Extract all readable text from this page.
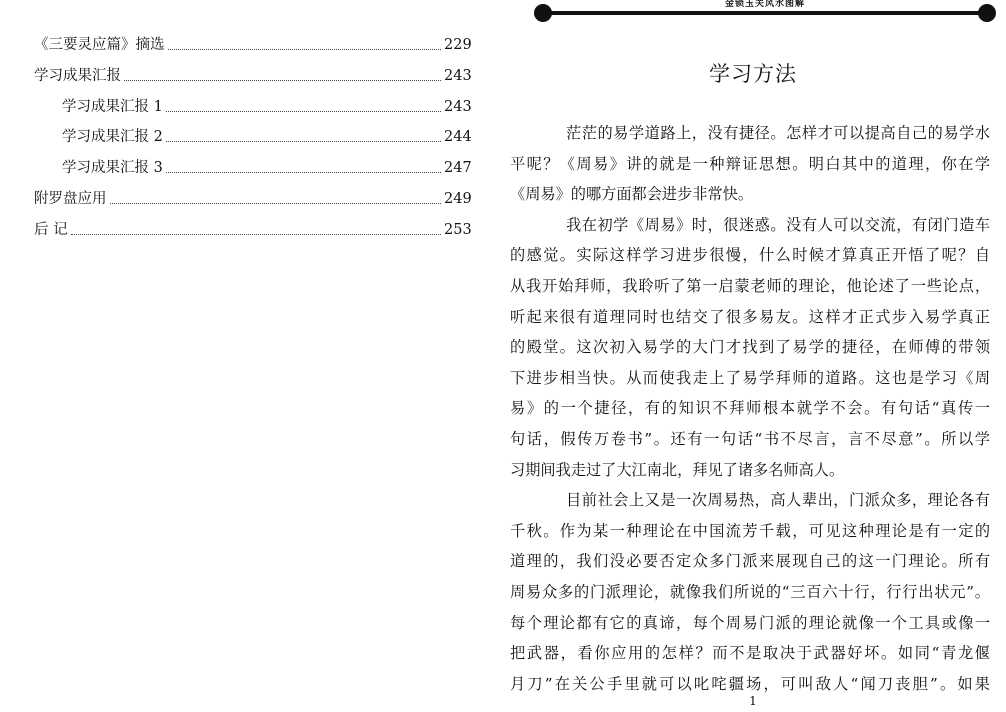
《三要灵应篇》摘选	229
学习成果汇报	243
学习成果汇报 1	243
学习成果汇报 2	244
学习成果汇报 3	247
附罗盘应用	249
后 记	253
金锁玉关风水图解
学习方法
茫茫的易学道路上，没有捷径。怎样才可以提高自己的易学水
平呢？《周易》讲的就是一种辩证思想。明白其中的道理，你在学
《周易》的哪方面都会进步非常快。
我在初学《周易》时，很迷惑。没有人可以交流，有闭门造车
的感觉。实际这样学习进步很慢，什么时候才算真正开悟了呢？自
从我开始拜师，我聆听了第一启蒙老师的理论，他论述了一些论点，
听起来很有道理同时也结交了很多易友。这样才正式步入易学真正
的殿堂。这次初入易学的大门才找到了易学的捷径，在师傅的带领
下进步相当快。从而使我走上了易学拜师的道路。这也是学习《周
易》的一个捷径，有的知识不拜师根本就学不会。有句话“真传一
句话，假传万卷书”。还有一句话“书不尽言，言不尽意”。所以学
习期间我走过了大江南北，拜见了诸多名师高人。
目前社会上又是一次周易热，高人辈出，门派众多，理论各有
千秋。作为某一种理论在中国流芳千载，可见这种理论是有一定的
道理的，我们没必要否定众多门派来展现自己的这一门理论。所有
周易众多的门派理论，就像我们所说的“三百六十行，行行出状元”。
每个理论都有它的真谛，每个周易门派的理论就像一个工具或像一
把武器，看你应用的怎样？而不是取决于武器好坏。如同“青龙偃
月刀”在关公手里就可以叱咤疆场，可叫敌人“闻刀丧胆”。如果
1
